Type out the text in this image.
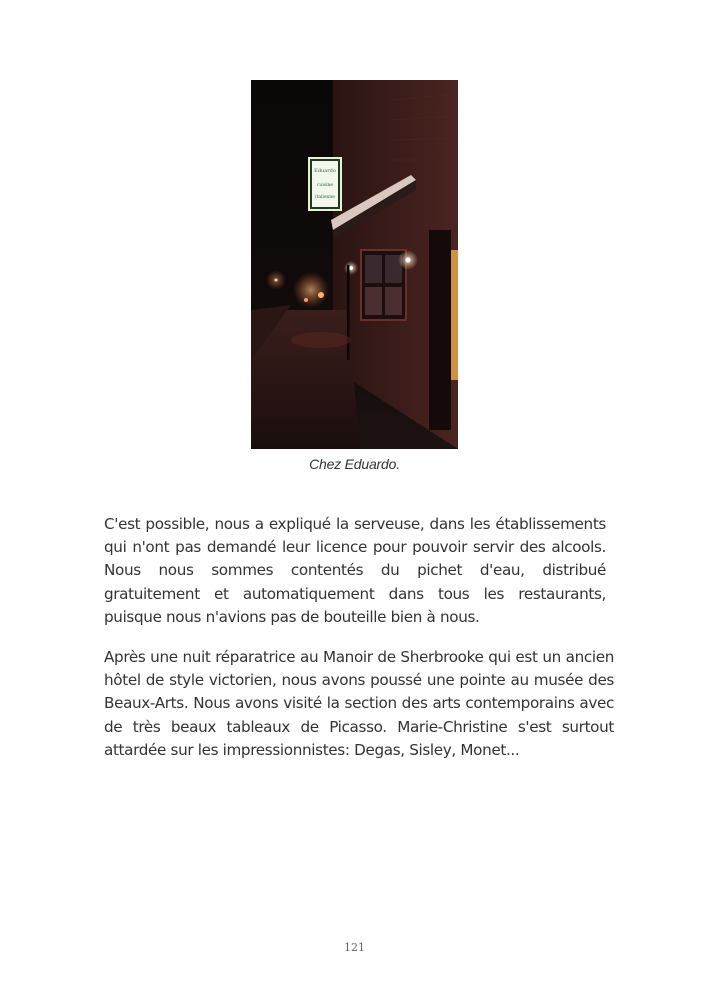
Eduardo
cuisine
italienne
Chez Eduardo.

C'est possible, nous a expliqué la serveuse, dans les établissements qui n'ont pas demandé leur licence pour pouvoir servir des alcools. Nous nous sommes contentés du pichet d'eau, distribué gratuitement et automatiquement dans tous les restaurants, puisque nous n'avions pas de bouteille bien à nous.

Après une nuit réparatrice au Manoir de Sherbrooke qui est un ancien hôtel de style victorien, nous avons poussé une pointe au musée des Beaux-Arts. Nous avons visité la section des arts contemporains avec de très beaux tableaux de Picasso. Marie-Christine s'est surtout attardée sur les impressionnistes: Degas, Sisley, Monet...

121
